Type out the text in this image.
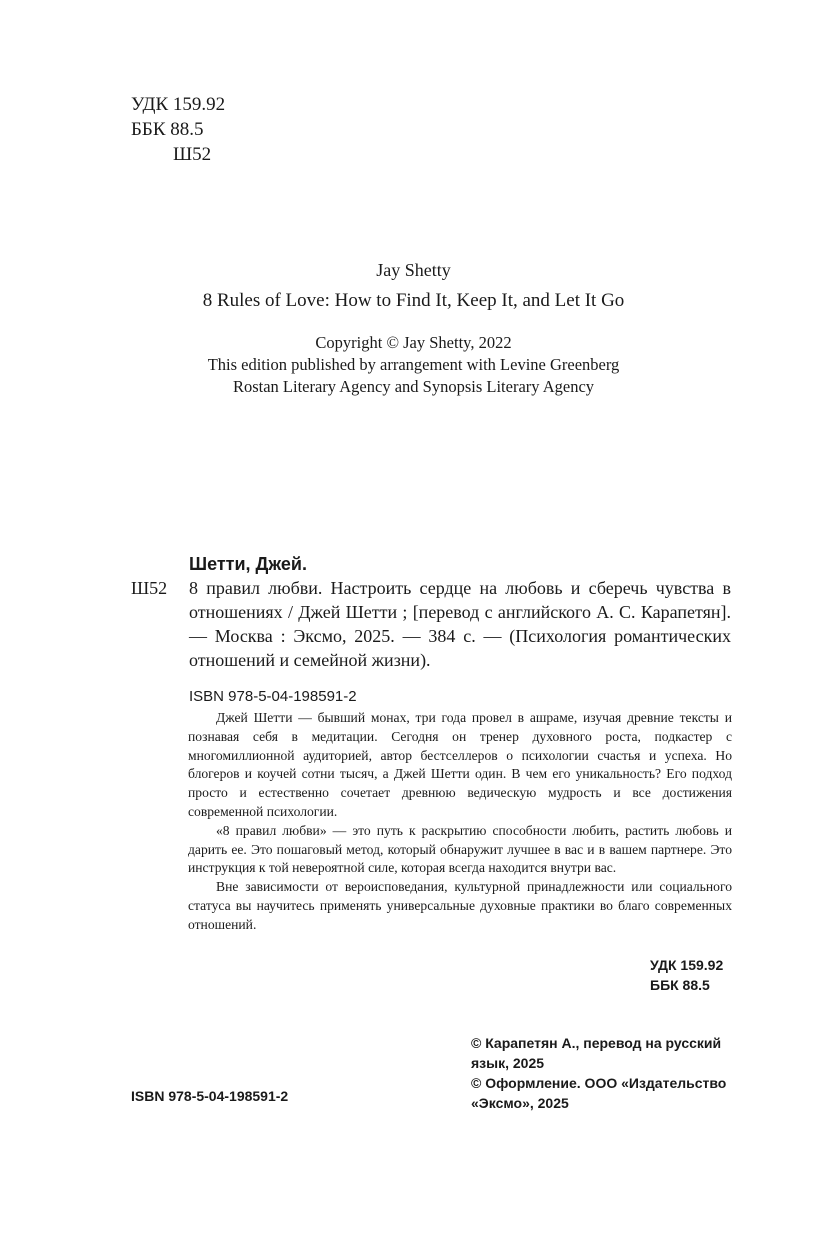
УДК 159.92
ББК 88.5
Ш52
Jay Shetty
8 Rules of Love: How to Find It, Keep It, and Let It Go
Copyright © Jay Shetty, 2022
This edition published by arrangement with Levine Greenberg
Rostan Literary Agency and Synopsis Literary Agency
Шетти, Джей.
Ш52	8 правил любви. Настроить сердце на любовь и сберечь чувства в отношениях / Джей Шетти ; [перевод с английского А. С. Карапетян]. — Москва : Эксмо, 2025. — 384 с. — (Психология романтических отношений и семейной жизни).
ISBN 978-5-04-198591-2

Джей Шетти — бывший монах, три года провел в ашраме, изучая древние тексты и познавая себя в медитации. Сегодня он тренер духовного роста, подкастер с многомиллионной аудиторией, автор бестселлеров о психологии счастья и успеха. Но блогеров и коучей сотни тысяч, а Джей Шетти один. В чем его уникальность? Его подход просто и естественно сочетает древнюю ведическую мудрость и все достижения современной психологии.

«8 правил любви» — это путь к раскрытию способности любить, растить любовь и дарить ее. Это пошаговый метод, который обнаружит лучшее в вас и в вашем партнере. Это инструкция к той невероятной силе, которая всегда находится внутри вас.

Вне зависимости от вероисповедания, культурной принадлежности или социального статуса вы научитесь применять универсальные духовные практики во благо современных отношений.

УДК 159.92
ББК 88.5

© Карапетян А., перевод на русский язык, 2025

© Оформление. ООО «Издательство «Эксмо», 2025

ISBN 978-5-04-198591-2
